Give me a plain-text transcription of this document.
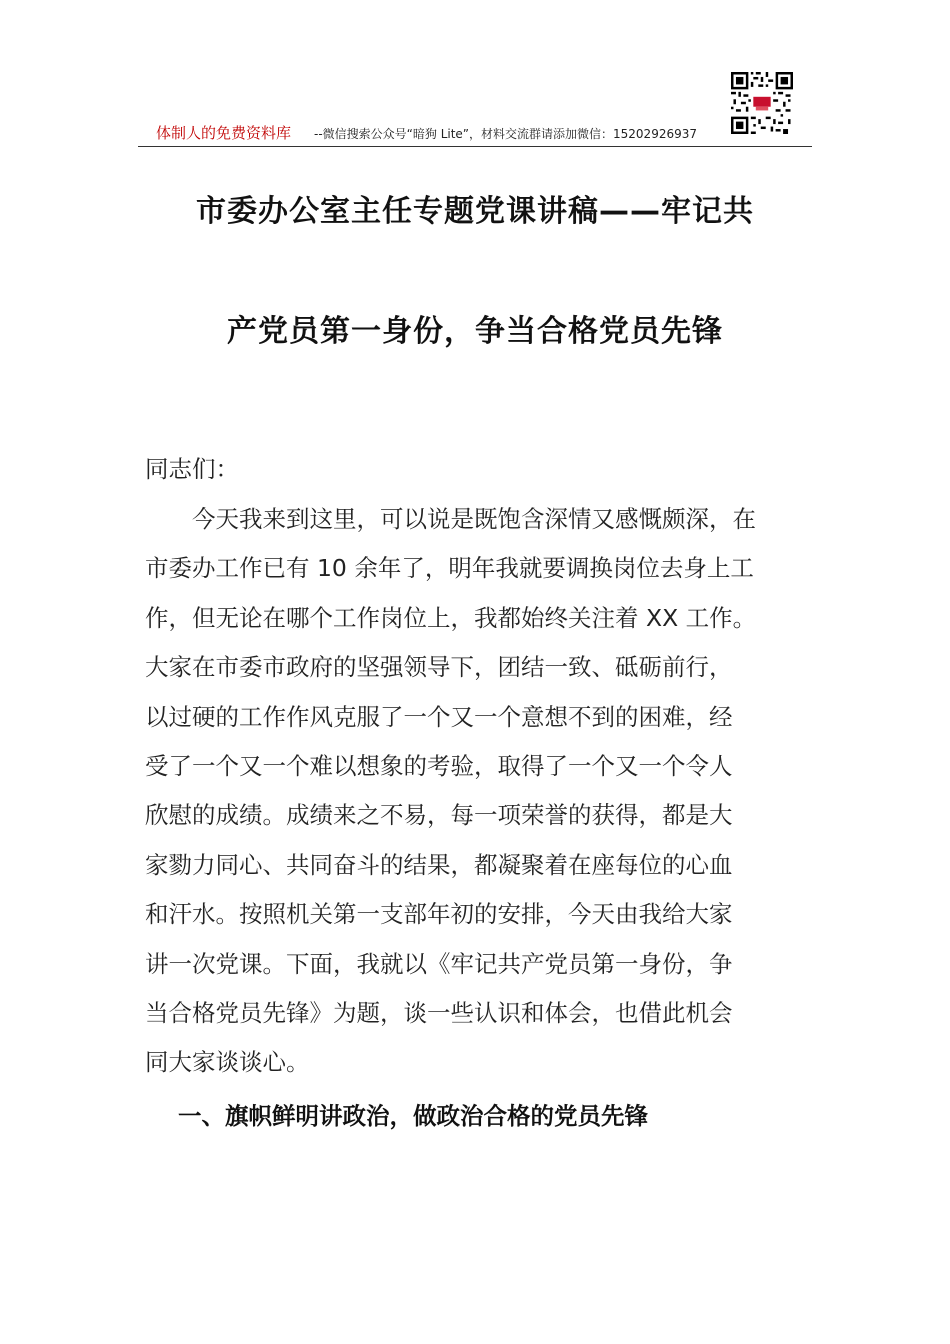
体制人的免费资料库 --微信搜索公众号“暗狗 Lite”，材料交流群请添加微信：15202926937
市委办公室主任专题党课讲稿——牢记共
产党员第一身份，争当合格党员先锋
同志们：
今天我来到这里，可以说是既饱含深情又感慨颇深，在
市委办工作已有 10 余年了，明年我就要调换岗位去身上工
作，但无论在哪个工作岗位上，我都始终关注着 XX 工作。
大家在市委市政府的坚强领导下，团结一致、砥砺前行，
以过硬的工作作风克服了一个又一个意想不到的困难，经
受了一个又一个难以想象的考验，取得了一个又一个令人
欣慰的成绩。成绩来之不易，每一项荣誉的获得，都是大
家勠力同心、共同奋斗的结果，都凝聚着在座每位的心血
和汗水。按照机关第一支部年初的安排，今天由我给大家
讲一次党课。下面，我就以《牢记共产党员第一身份，争
当合格党员先锋》为题，谈一些认识和体会，也借此机会
同大家谈谈心。
一、旗帜鲜明讲政治，做政治合格的党员先锋
